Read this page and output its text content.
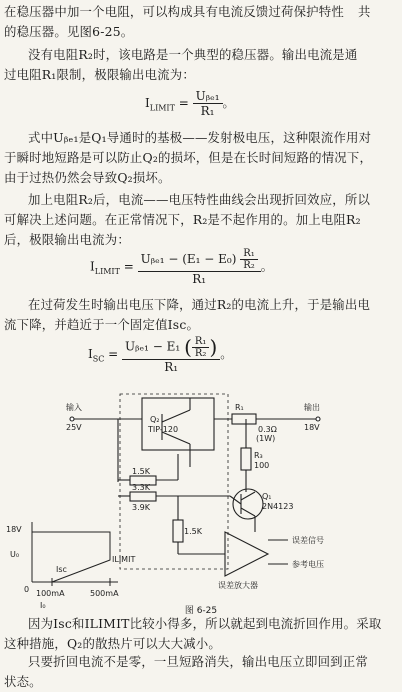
在稳压器中加一个电阻，可以构成具有电流反馈过荷保护特性 共
的稳压器。见图6-25。
没有电阻R₂时，该电路是一个典型的稳压器。输出电流是通
过电阻R₁限制，极限输出电流为：
$I_{LIMIT} = \frac{\text{Uᵦₑ₁}}{\text{R₁}}$ 。
式中Uᵦₑ₁是Q₁导通时的基极——发射极电压，这种限流作用对
于瞬时地短路是可以防止Q₂的损坏，但是在长时间短路的情况下，
由于过热仍然会导致Q₂损坏。
加上电阻R₂后，电流——电压特性曲线会出现折回效应，所以
可解决上述问题。在正常情况下，R₂是不起作用的。加上电阻R₂
后，极限输出电流为：
$I_{LIMIT} = \frac{Uᵦ_{e1} - (E_1 - E_0) \frac{\text{R₁}}{\text{R₂}}}{\text{R₁}}$ 。
在过荷发生时输出电压下降，通过R₂的电流上升，于是输出电
流下降，并趋近于一个固定值Isc。
$I_{SC} = \frac{Uᵦ_{e1} - E_1 ( \frac{\text{R₁}}{\text{R₂}} )}{\text{R₁}}$ 。
输入
25V
输出
18V
R₁
0.3Ω
(1W)
Q₂
TIP-120
R₃
100
1.5K
3.3K
3.9K
Q₁
2N4123
1.5K
误差信号
参考电压
误差放大器
18V
U₀
Isc
ILIMIT
0 100mA	500mA
I₀
图 6-25
因为Isc和ILIMIT比较小得多，所以就起到电流折回作用。采取
这种措施，Q₂的散热片可以大大减小。
只要折回电流不是零，一旦短路消失，输出电压立即回到正常
状态。
